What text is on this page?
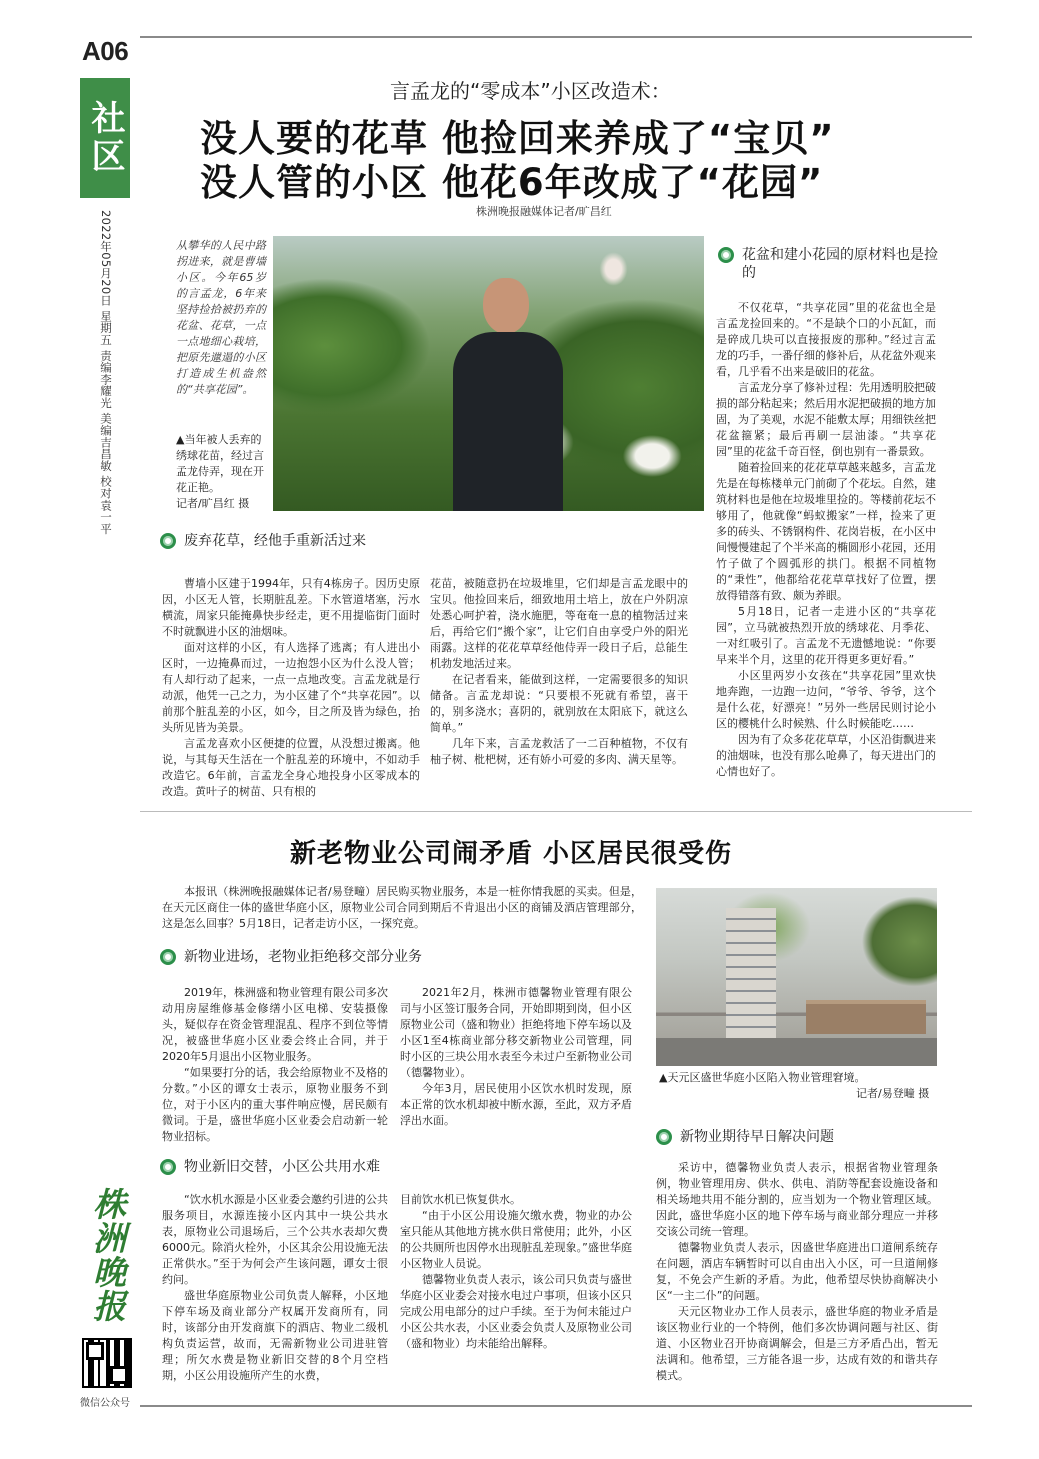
A06
社区
2022年05月20日 星期五 责编李耀光 美编吉昌敏 校对袁一平
株洲晚报
微信公众号
言孟龙的“零成本”小区改造术：
没人要的花草 他捡回来养成了“宝贝”
没人管的小区 他花6年改成了“花园”
株洲晚报融媒体记者/旷昌红
从攀华的人民中路拐进来，就是曹墙小区。今年65岁的言孟龙，6年来坚持捡拾被扔弃的花盆、花草，一点一点地细心栽培，把原先邋遢的小区打造成生机盎然的“共享花园”。
▲当年被人丢弃的绣球花苗，经过言孟龙侍弄，现在开花正艳。
记者/旷昌红 摄
废弃花草，经他手重新活过来

曹墙小区建于1994年，只有4栋房子。因历史原因，小区无人管，长期脏乱差。下水管道堵塞，污水横流，周家只能掩鼻快步经走，更不用提临街门面时不时就飘进小区的油烟味。

面对这样的小区，有人选择了逃离；有人进出小区时，一边掩鼻而过，一边抱怨小区为什么没人管；有人却行动了起来，一点一点地改变。言孟龙就是行动派，他凭一己之力，为小区建了个“共享花园”。以前那个脏乱差的小区，如今，目之所及皆为绿色，抬头所见皆为美景。

言孟龙喜欢小区便捷的位置，从没想过搬离。他说，与其每天生活在一个脏乱差的环境中，不如动手改造它。6年前，言孟龙全身心地投身小区零成本的改造。黄叶子的树苗、只有根的

花苗，被随意扔在垃圾堆里，它们却是言孟龙眼中的宝贝。他捡回来后，细致地用土培上，放在户外阴凉处悉心呵护着，浇水施肥，等奄奄一息的植物活过来后，再给它们“搬个家”，让它们自由享受户外的阳光雨露。这样的花花草草经他侍弄一段日子后，总能生机勃发地活过来。

在记者看来，能做到这样，一定需要很多的知识储备。言孟龙却说：“只要根不死就有希望，喜干的，别多浇水；喜阴的，就别放在太阳底下，就这么简单。”

几年下来，言孟龙救活了一二百种植物，不仅有柚子树、枇杷树，还有娇小可爱的多肉、满天星等。

花盆和建小花园的原材料也是捡的

不仅花草，“共享花园”里的花盆也全是言孟龙捡回来的。“不是缺个口的小瓦缸，而是碎成几块可以直接报废的那种。”经过言孟龙的巧手，一番仔细的修补后，从花盆外观来看，几乎看不出来是破旧的花盆。

言孟龙分享了修补过程：先用透明胶把破损的部分粘起来；然后用水泥把破损的地方加固，为了美观，水泥不能敷太厚；用细铁丝把花盆箍紧；最后再刷一层油漆。“共享花园”里的花盆千奇百怪，倒也别有一番景致。

随着捡回来的花花草草越来越多，言孟龙先是在每栋楼单元门前砌了个花坛。自然，建筑材料也是他在垃圾堆里捡的。等楼前花坛不够用了，他就像“蚂蚁搬家”一样，捡来了更多的砖头、不锈钢构件、花岗岩板，在小区中间慢慢建起了个半米高的椭圆形小花园，还用竹子做了个圆弧形的拱门。根据不同植物的“秉性”，他都给花花草草找好了位置，摆放得错落有致、颇为养眼。

5月18日，记者一走进小区的“共享花园”，立马就被热烈开放的绣球花、月季花、一对红吸引了。言孟龙不无遗憾地说：“你要早来半个月，这里的花开得更多更好看。”

小区里两岁小女孩在“共享花园”里欢快地奔跑，一边跑一边问，“爷爷、爷爷，这个是什么花，好漂亮！”另外一些居民则讨论小区的樱桃什么时候熟、什么时候能吃……

因为有了众多花花草草，小区沿街飘进来的油烟味，也没有那么呛鼻了，每天进出门的心情也好了。

新老物业公司闹矛盾 小区居民很受伤

本报讯（株洲晚报融媒体记者/易登疃）居民购买物业服务，本是一桩你情我愿的买卖。但是，在天元区商住一体的盛世华庭小区，原物业公司合同到期后不肯退出小区的商铺及酒店管理部分，这是怎么回事？5月18日，记者走访小区，一探究竟。

新物业进场，老物业拒绝移交部分业务

2019年，株洲盛和物业管理有限公司多次动用房屋维修基金修缮小区电梯、安装摄像头，疑似存在资金管理混乱、程序不到位等情况，被盛世华庭小区业委会终止合同，并于2020年5月退出小区物业服务。

“如果要打分的话，我会给原物业不及格的分数。”小区的谭女士表示，原物业服务不到位，对于小区内的重大事件响应慢，居民颇有微词。于是，盛世华庭小区业委会启动新一轮物业招标。

2021年2月，株洲市德馨物业管理有限公司与小区签订服务合同，开始即期到岗，但小区原物业公司（盛和物业）拒绝将地下停车场以及小区1至4栋商业部分移交新物业公司管理，同时小区的三块公用水表至今未过户至新物业公司（德馨物业）。

今年3月，居民使用小区饮水机时发现，原本正常的饮水机却被中断水源，至此，双方矛盾浮出水面。

▲天元区盛世华庭小区陷入物业管理窘境。
记者/易登疃 摄
物业新旧交替，小区公共用水难

“饮水机水源是小区业委会邀约引进的公共服务项目，水源连接小区内其中一块公共水表，原物业公司退场后，三个公共水表却欠费6000元。除消火栓外，小区其余公用设施无法正常供水。”至于为何会产生该问题，谭女士很约问。

盛世华庭原物业公司负责人解释，小区地下停车场及商业部分产权属开发商所有，同时，该部分由开发商旗下的酒店、物业二级机构负责运营，故而，无需新物业公司进驻管理；所欠水费是物业新旧交替的8个月空档期，小区公用设施所产生的水费，

目前饮水机已恢复供水。

“由于小区公用设施欠缴水费，物业的办公室只能从其他地方挑水供日常使用；此外，小区的公共厕所也因停水出现脏乱差现象。”盛世华庭小区物业人员说。

德馨物业负责人表示，该公司只负责与盛世华庭小区业委会对接水电过户事项，但该小区只完成公用电部分的过户手续。至于为何未能过户小区公共水表，小区业委会负责人及原物业公司（盛和物业）均未能给出解释。

新物业期待早日解决问题

采访中，德馨物业负责人表示，根据省物业管理条例，物业管理用房、供水、供电、消防等配套设施设备和相关场地共用不能分割的，应当划为一个物业管理区域。因此，盛世华庭小区的地下停车场与商业部分理应一并移交该公司统一管理。

德馨物业负责人表示，因盛世华庭进出口道闸系统存在问题，酒店车辆暂时可以自由出入小区，可一旦道闸修复，不免会产生新的矛盾。为此，他希望尽快协商解决小区“一主二仆”的问题。

天元区物业办工作人员表示，盛世华庭的物业矛盾是该区物业行业的一个特例，他们多次协调问题与社区、街道、小区物业召开协商调解会，但是三方矛盾凸出，暂无法调和。他希望，三方能各退一步，达成有效的和谐共存模式。
